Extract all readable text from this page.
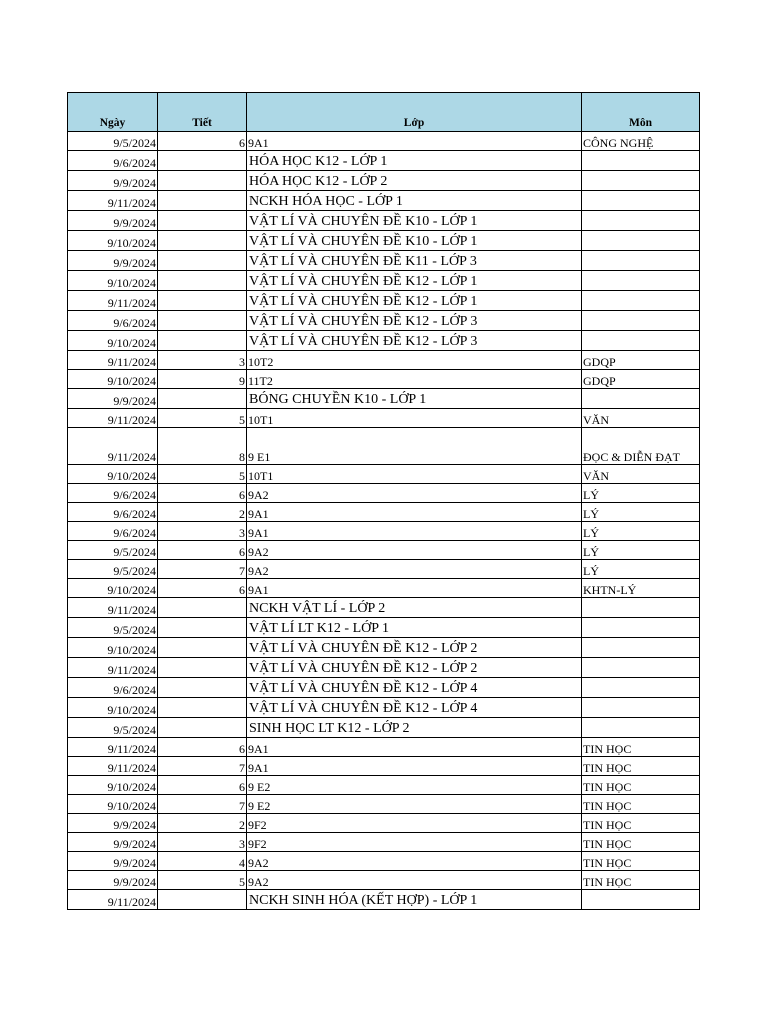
Ngày	Tiết	Lớp	Môn
9/5/2024	6	9A1	CÔNG NGHỆ
9/6/2024		HÓA HỌC K12 - LỚP 1	
9/9/2024		HÓA HỌC K12 - LỚP 2	
9/11/2024		NCKH HÓA HỌC - LỚP 1	
9/9/2024		VẬT LÍ VÀ CHUYÊN ĐỀ K10 - LỚP 1	
9/10/2024		VẬT LÍ VÀ CHUYÊN ĐỀ K10 - LỚP 1	
9/9/2024		VẬT LÍ VÀ CHUYÊN ĐỀ K11 - LỚP 3	
9/10/2024		VẬT LÍ VÀ CHUYÊN ĐỀ K12 - LỚP 1	
9/11/2024		VẬT LÍ VÀ CHUYÊN ĐỀ K12 - LỚP 1	
9/6/2024		VẬT LÍ VÀ CHUYÊN ĐỀ K12 - LỚP 3	
9/10/2024		VẬT LÍ VÀ CHUYÊN ĐỀ K12 - LỚP 3	
9/11/2024	3	10T2	GDQP
9/10/2024	9	11T2	GDQP
9/9/2024		BÓNG CHUYỀN K10 - LỚP 1	
9/11/2024	5	10T1	VĂN
9/11/2024	8	9 E1	ĐỌC & DIỄN ĐẠT
9/10/2024	5	10T1	VĂN
9/6/2024	6	9A2	LÝ
9/6/2024	2	9A1	LÝ
9/6/2024	3	9A1	LÝ
9/5/2024	6	9A2	LÝ
9/5/2024	7	9A2	LÝ
9/10/2024	6	9A1	KHTN-LÝ
9/11/2024		NCKH VẬT LÍ - LỚP 2	
9/5/2024		VẬT LÍ LT K12 - LỚP 1	
9/10/2024		VẬT LÍ VÀ CHUYÊN ĐỀ K12 - LỚP 2	
9/11/2024		VẬT LÍ VÀ CHUYÊN ĐỀ K12 - LỚP 2	
9/6/2024		VẬT LÍ VÀ CHUYÊN ĐỀ K12 - LỚP 4	
9/10/2024		VẬT LÍ VÀ CHUYÊN ĐỀ K12 - LỚP 4	
9/5/2024		SINH HỌC LT K12 - LỚP 2	
9/11/2024	6	9A1	TIN HỌC
9/11/2024	7	9A1	TIN HỌC
9/10/2024	6	9 E2	TIN HỌC
9/10/2024	7	9 E2	TIN HỌC
9/9/2024	2	9F2	TIN HỌC
9/9/2024	3	9F2	TIN HỌC
9/9/2024	4	9A2	TIN HỌC
9/9/2024	5	9A2	TIN HỌC
9/11/2024		NCKH SINH HÓA (KẾT HỢP) - LỚP 1	
